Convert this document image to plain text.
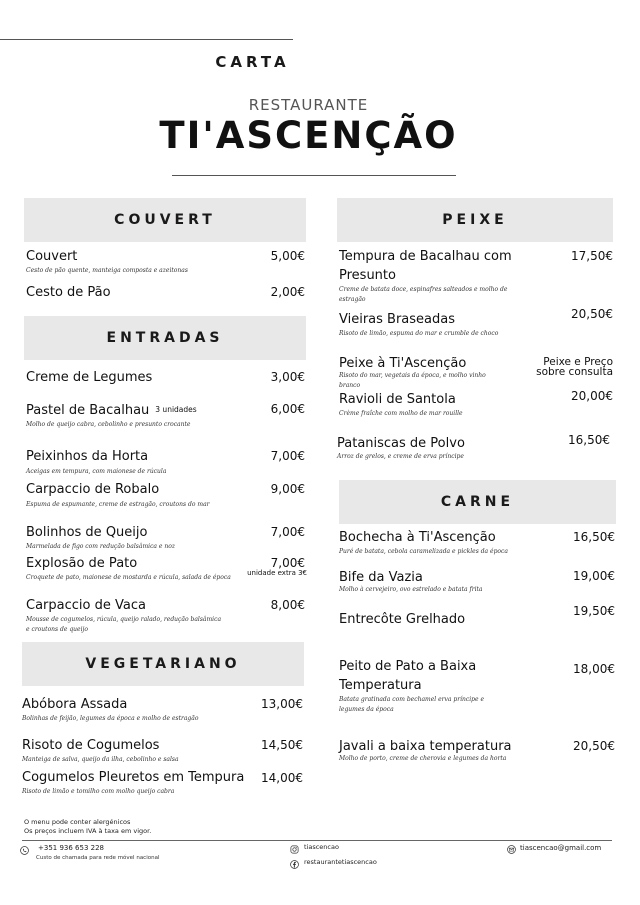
CARTA
RESTAURANTE
TI'ASCENÇÃO
COUVERT
Couvert
Cesto de pão quente, manteiga composta e azeitonas
5,00€
Cesto de Pão	2,00€
ENTRADAS
Creme de Legumes	3,00€
Pastel de Bacalhau $^{3 unidades}$
Molho de queijo cabra, cebolinho e presunto crocante
6,00€
Peixinhos da Horta
Aceigas em tempura, com maionese de rúcula
7,00€
Carpaccio de Robalo
Espuma de espumante, creme de estragão, croutons do mar
9,00€
Bolinhos de Queijo
Marmelada de figo com redução balsâmica e noz
7,00€
Explosão de Pato
Croquete de pato, maionese de mostarda e rúcula, salada de época
7,00€
unidade extra 3€
Carpaccio de Vaca
Mousse de cogumelos, rúcula, queijo ralado, redução balsâmica e croutons de queijo
8,00€
VEGETARIANO
Abóbora Assada
Bolinhas de feijão, legumes da época e molho de estragão
13,00€
Risoto de Cogumelos
Manteiga de salva, queijo da ilha, cebolinho e salsa
14,50€
Cogumelos Pleuretos em Tempura
Risoto de limão e tomilho com molho queijo cabra
14,00€
PEIXE
Tempura de Bacalhau com Presunto
Creme de batata doce, espinafres salteados e molho de estragão
17,50€
Vieiras Braseadas
Risoto de limão, espuma do mar e crumble de choco
20,50€
Peixe à Ti'Ascenção
Risoto do mar, vegetais da época, e molho vinho branco
Peixe e Preço sobre consulta
Ravioli de Santola
Crème fraîche com molho de mar rouille
20,00€
Pataniscas de Polvo
Arroz de grelos, e creme de erva príncipe
16,50€
CARNE
Bochecha à Ti'Ascenção
Puré de batata, cebola caramelizada e pickles da época
16,50€
Bife da Vazia
Molho à cervejeiro, ovo estrelado e batata frita
19,00€
Entrecôte Grelhado
19,50€
Peito de Pato a Baixa Temperatura
Batata gratinada com bechamel erva príncipe e legumes da época
18,00€
Javali a baixa temperatura
Molho de porto, creme de cherovia e legumes da horta
20,50€
O menu pode conter alergénicos
Os preços incluem IVA à taxa em vigor.
+351 936 653 228
Custo de chamada para rede móvel nacional
tiascencao
restaurantetiascencao
tiascencao@gmail.com
